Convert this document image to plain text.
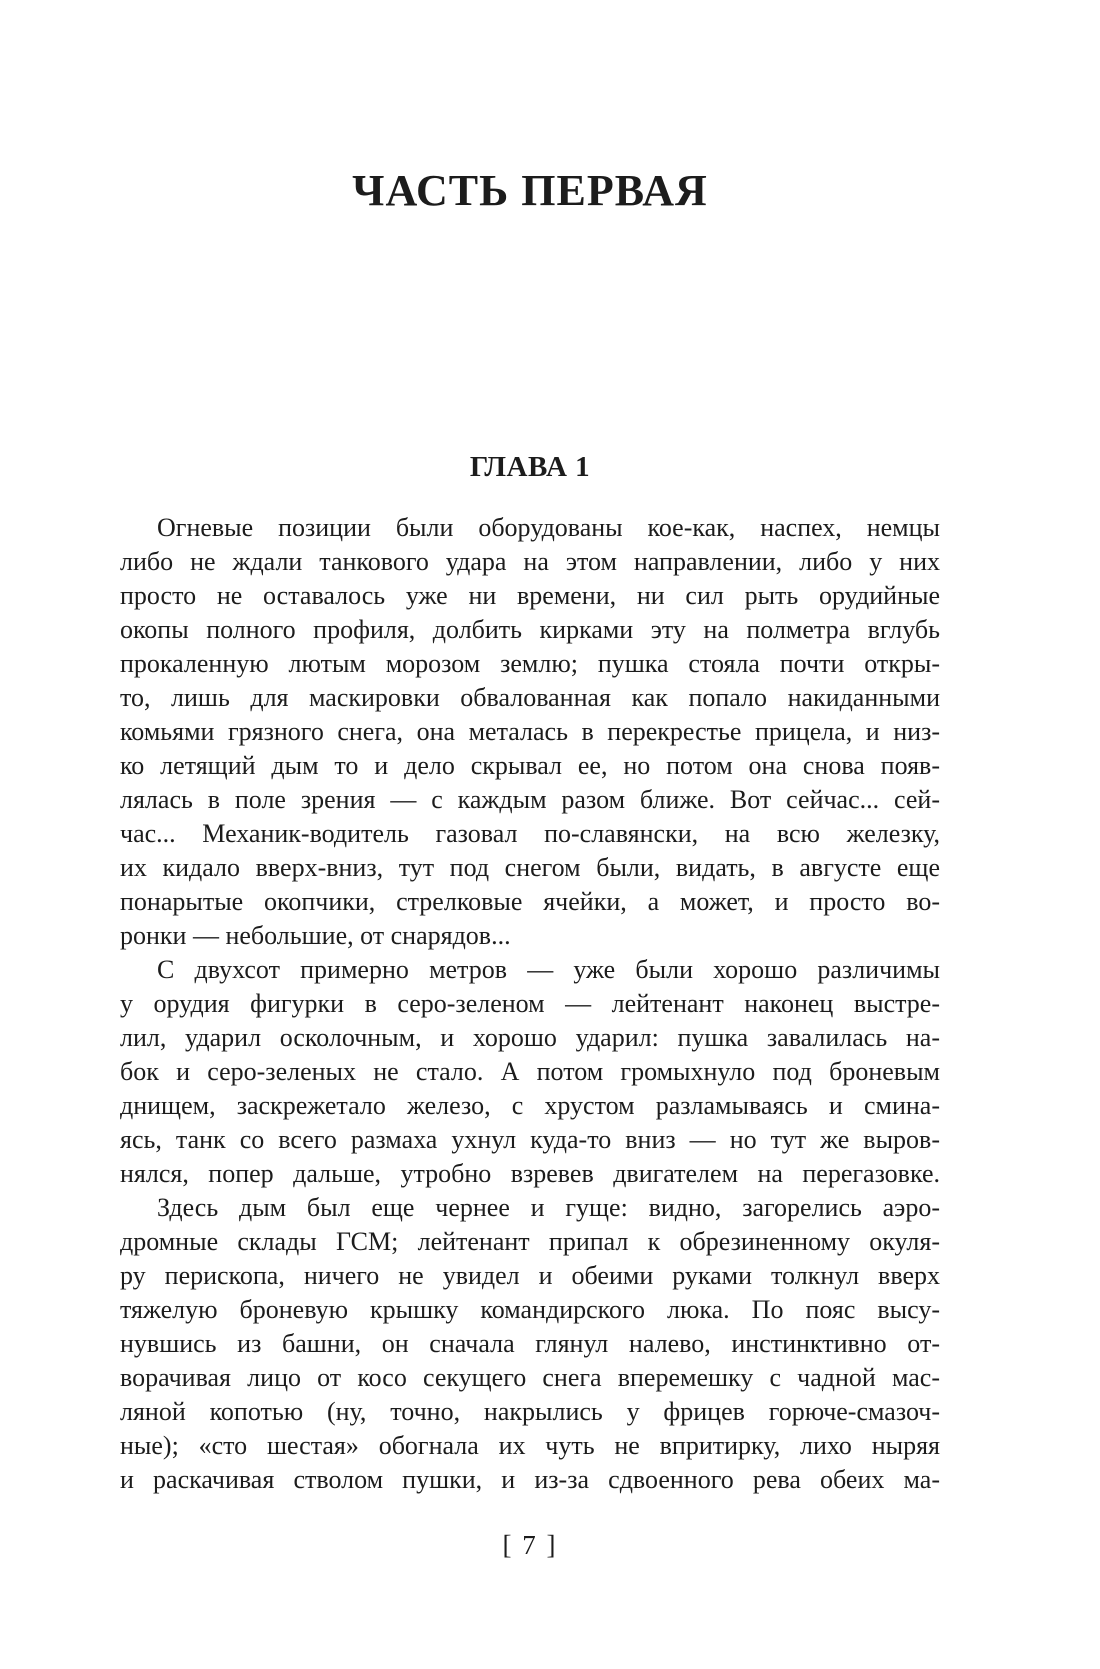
ЧАСТЬ ПЕРВАЯ
ГЛАВА 1

Огневые позиции были оборудованы кое-как, наспех, немцы
либо не ждали танкового удара на этом направлении, либо у них
просто не оставалось уже ни времени, ни сил рыть орудийные
окопы полного профиля, долбить кирками эту на полметра вглубь
прокаленную лютым морозом землю; пушка стояла почти откры-
то, лишь для маскировки обвалованная как попало накиданными
комьями грязного снега, она металась в перекрестье прицела, и низ-
ко летящий дым то и дело скрывал ее, но потом она снова появ-
лялась в поле зрения — с каждым разом ближе. Вот сейчас... сей-
час... Механик-водитель газовал по-славянски, на всю железку,
их кидало вверх-вниз, тут под снегом были, видать, в августе еще
понарытые окопчики, стрелковые ячейки, а может, и просто во-
ронки — небольшие, от снарядов...

С двухсот примерно метров — уже были хорошо различимы
у орудия фигурки в серо-зеленом — лейтенант наконец выстре-
лил, ударил осколочным, и хорошо ударил: пушка завалилась на-
бок и серо-зеленых не стало. А потом громыхнуло под броневым
днищем, заскрежетало железо, с хрустом разламываясь и смина-
ясь, танк со всего размаха ухнул куда-то вниз — но тут же выров-
нялся, попер дальше, утробно взревев двигателем на перегазовке.

Здесь дым был еще чернее и гуще: видно, загорелись аэро-
дромные склады ГСМ; лейтенант припал к обрезиненному окуля-
ру перископа, ничего не увидел и обеими руками толкнул вверх
тяжелую броневую крышку командирского люка. По пояс высу-
нувшись из башни, он сначала глянул налево, инстинктивно от-
ворачивая лицо от косо секущего снега вперемешку с чадной мас-
ляной копотью (ну, точно, накрылись у фрицев горюче-смазоч-
ные); «сто шестая» обогнала их чуть не впритирку, лихо ныряя
и раскачивая стволом пушки, и из-за сдвоенного рева обеих ма-

[ 7 ]
